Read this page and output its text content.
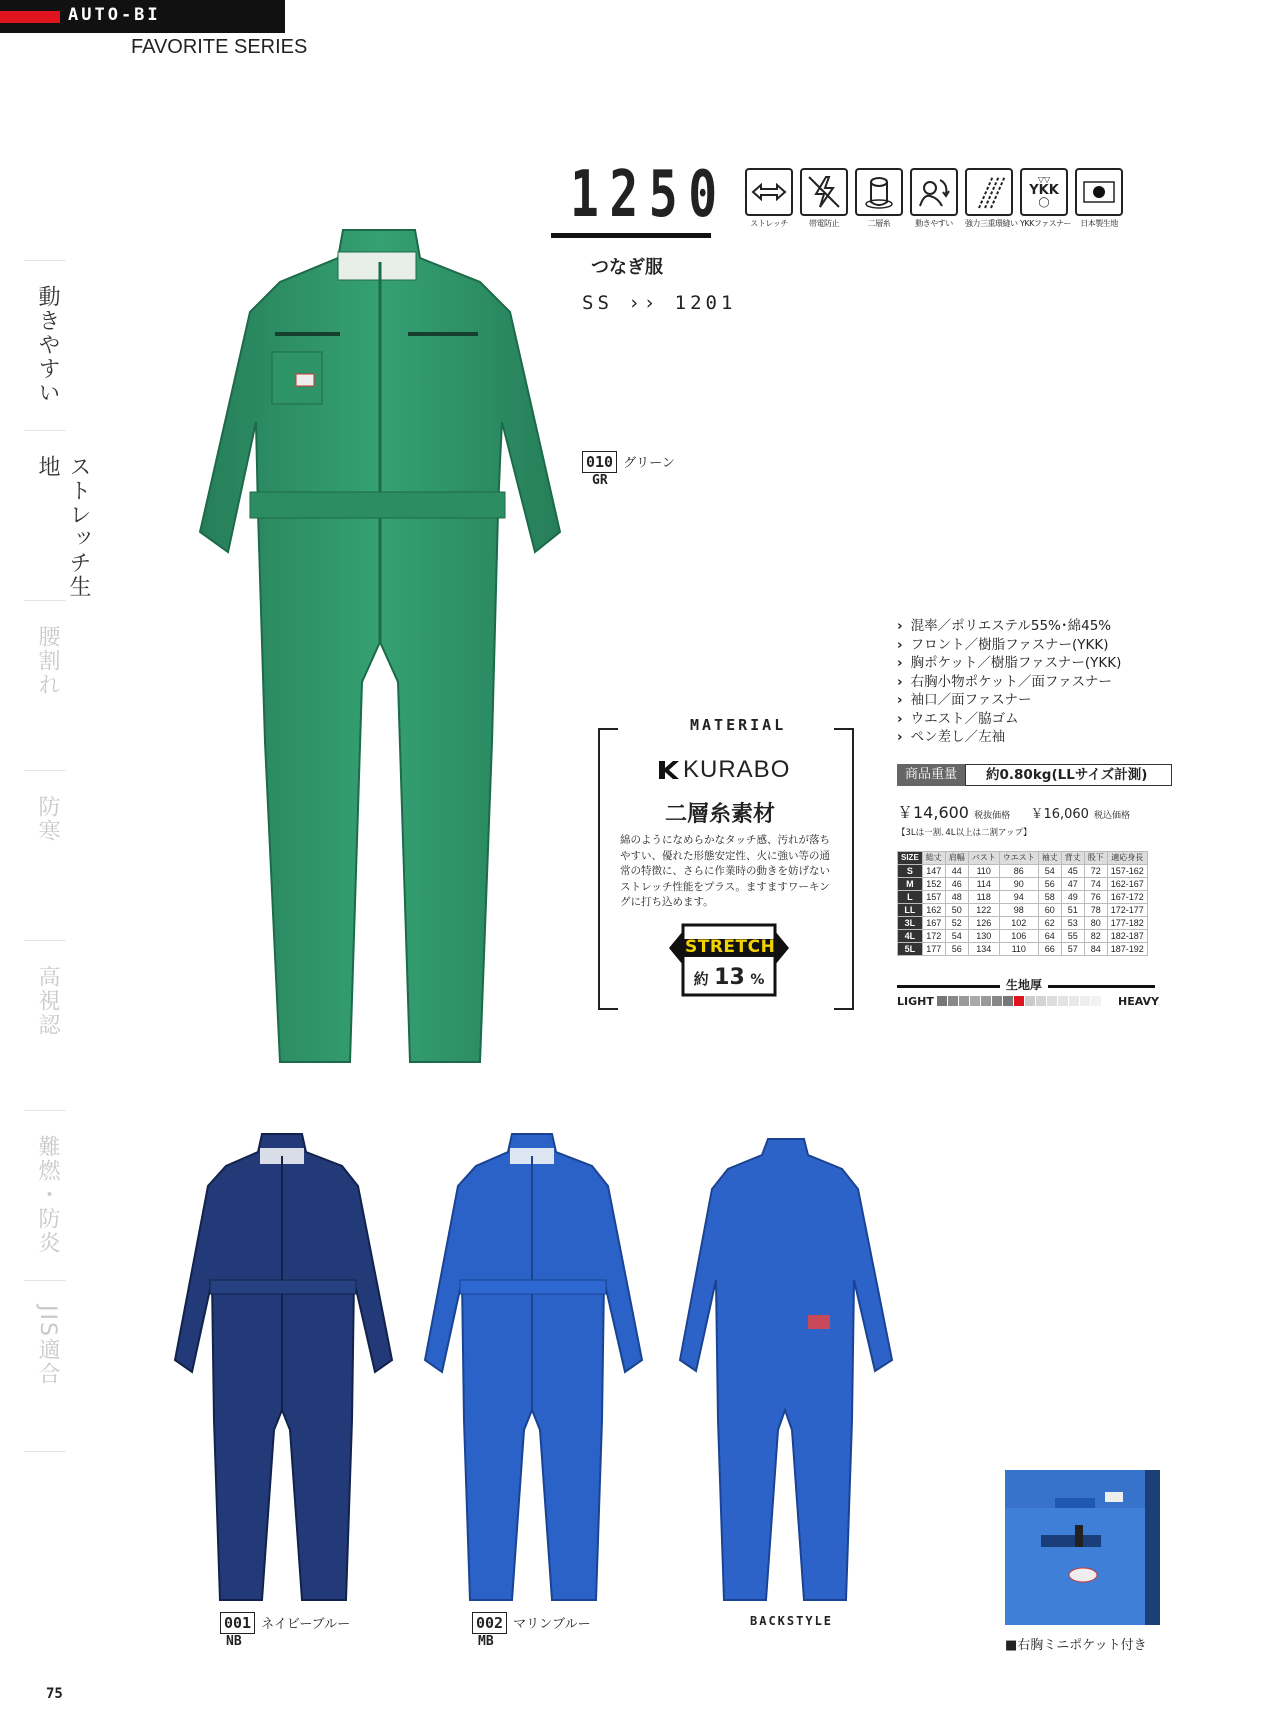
AUTO-BI
FAVORITE SERIES
動きやすい
ストレッチ生地
腰割れ
防寒
高視認
難燃・防炎
JIS適合
1250
つなぎ服
SS ›› 1201
ストレッチ	帯電防止	二層糸	動きやすい	強力三重環縫い
▽▽
YKK
◯
YKKファスナー	日本製生地
010 グリーン
GR
› 混率／ポリエステル55%･綿45%
› フロント／樹脂ファスナー(YKK)
› 胸ポケット／樹脂ファスナー(YKK)
› 右胸小物ポケット／面ファスナー
› 袖口／面ファスナー
› ウエスト／脇ゴム
› ペン差し／左袖
商品重量	約0.80kg(LLサイズ計測)
￥14,600 税抜価格 ￥16,060 税込価格
【3Lは一割､4L以上は二割アップ】
SIZE	総丈	肩幅	バスト	ウエスト	袖丈	背丈	股下	適応身長
S	147	44	110	86	54	45	72	157-162
M	152	46	114	90	56	47	74	162-167
L	157	48	118	94	58	49	76	167-172
LL	162	50	122	98	60	51	78	172-177
3L	167	52	126	102	62	53	80	177-182
4L	172	54	130	106	64	55	82	182-187
5L	177	56	134	110	66	57	84	187-192
生地厚
LIGHT	HEAVY
MATERIAL
KURABO
二層糸素材
綿のようになめらかなタッチ感、汚れが落ちやすい、優れた形態安定性、火に強い等の通常の特徴に、さらに作業時の動きを妨げないストレッチ性能をプラス。ますますワーキングに打ち込めます。
STRETCH
約 13 %
001 ネイビーブルー
NB
002 マリンブルー
MB
BACKSTYLE
■右胸ミニポケット付き
75
